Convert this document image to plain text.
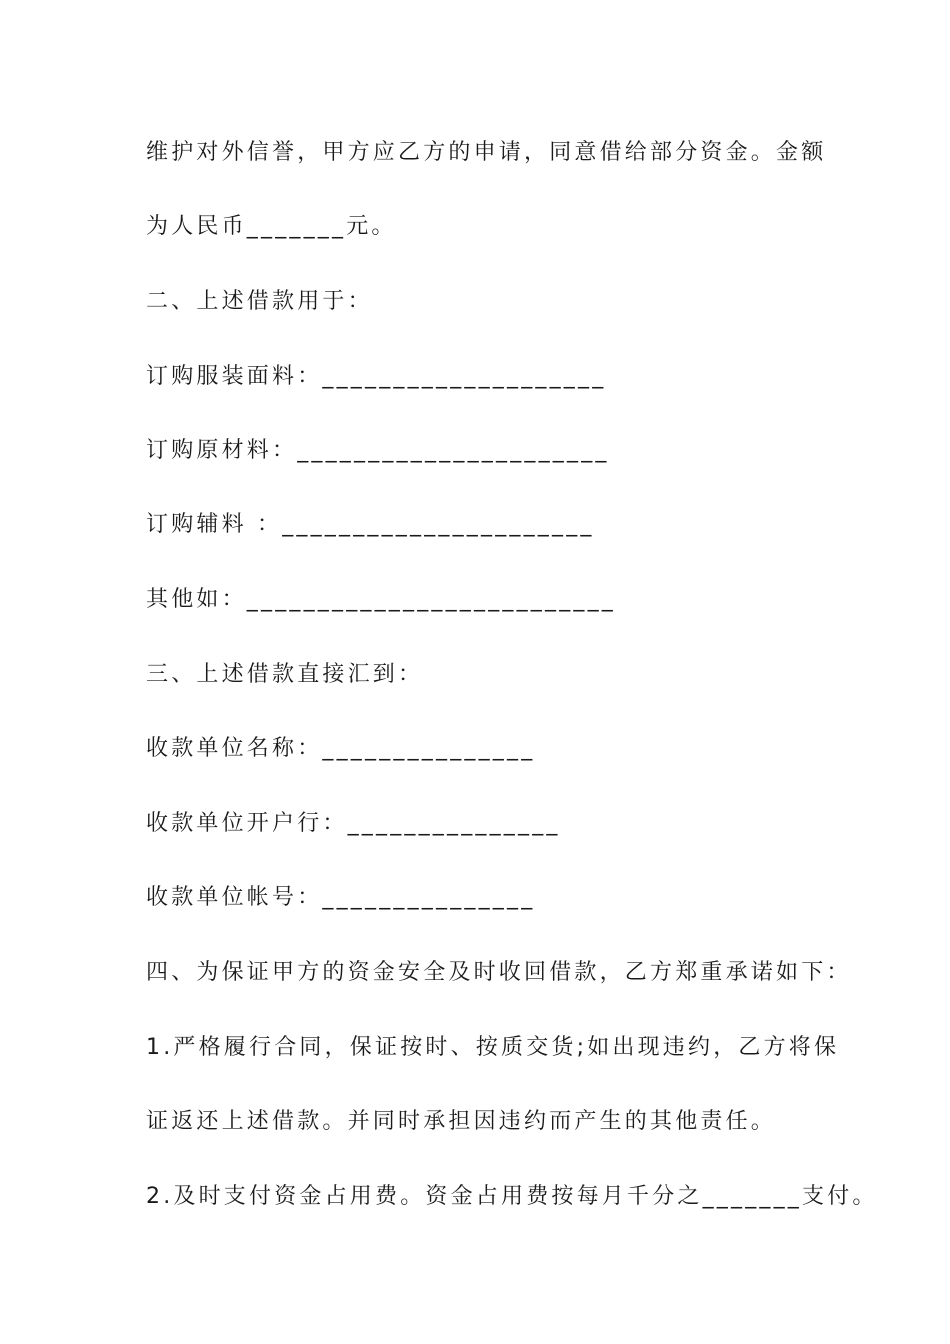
维护对外信誉，甲方应乙方的申请，同意借给部分资金。金额
为人民币_______元。
二、上述借款用于：
订购服装面料：____________________
订购原材料：______________________
订购辅料 ：______________________
其他如：__________________________
三、上述借款直接汇到：
收款单位名称：_______________
收款单位开户行：_______________
收款单位帐号：_______________
四、为保证甲方的资金安全及时收回借款，乙方郑重承诺如下：
1.严格履行合同，保证按时、按质交货;如出现违约，乙方将保
证返还上述借款。并同时承担因违约而产生的其他责任。
2.及时支付资金占用费。资金占用费按每月千分之_______支付。
